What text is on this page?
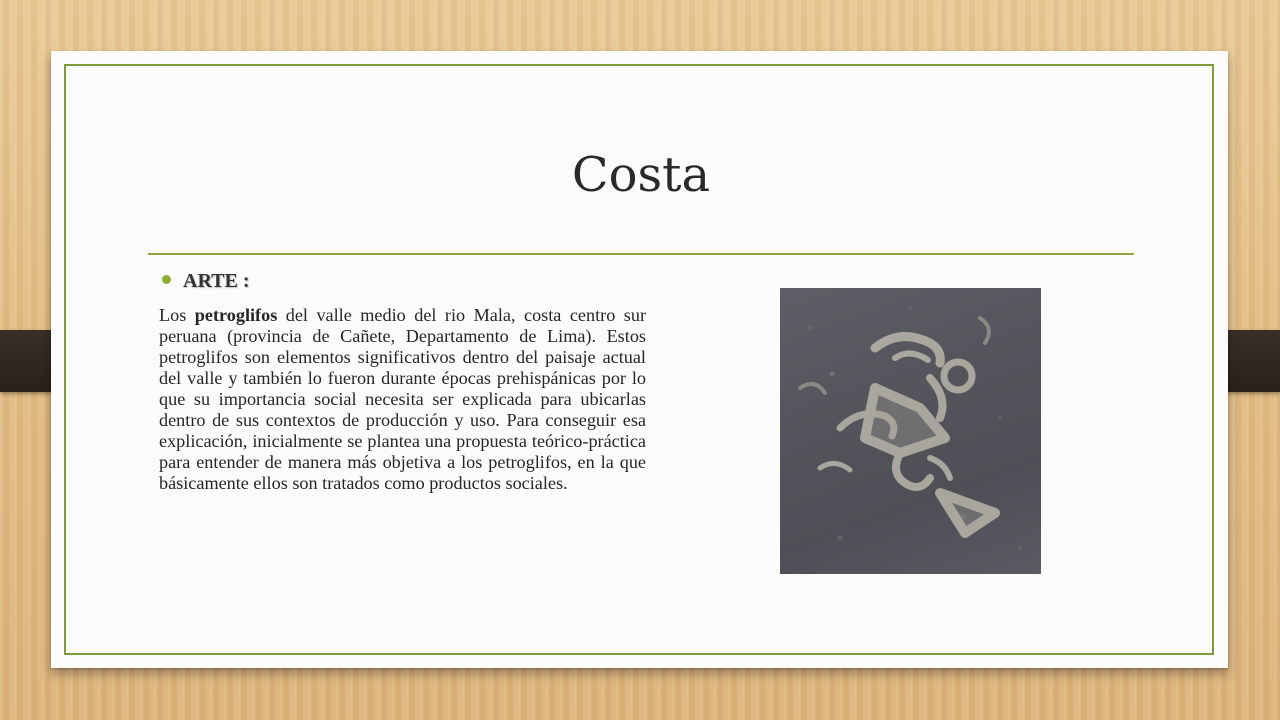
Costa
ARTE :

Los petroglifos del valle medio del rio Mala, costa centro sur peruana (provincia de Cañete, Departamento de Lima). Estos petroglifos son elementos significativos dentro del paisaje actual del valle y también lo fueron durante épocas prehispánicas por lo que su importancia social necesita ser explicada para ubicarlas dentro de sus contextos de producción y uso. Para conseguir esa explicación, inicialmente se plantea una propuesta teórico-práctica para entender de manera más objetiva a los petroglifos, en la que básicamente ellos son tratados como productos sociales.
